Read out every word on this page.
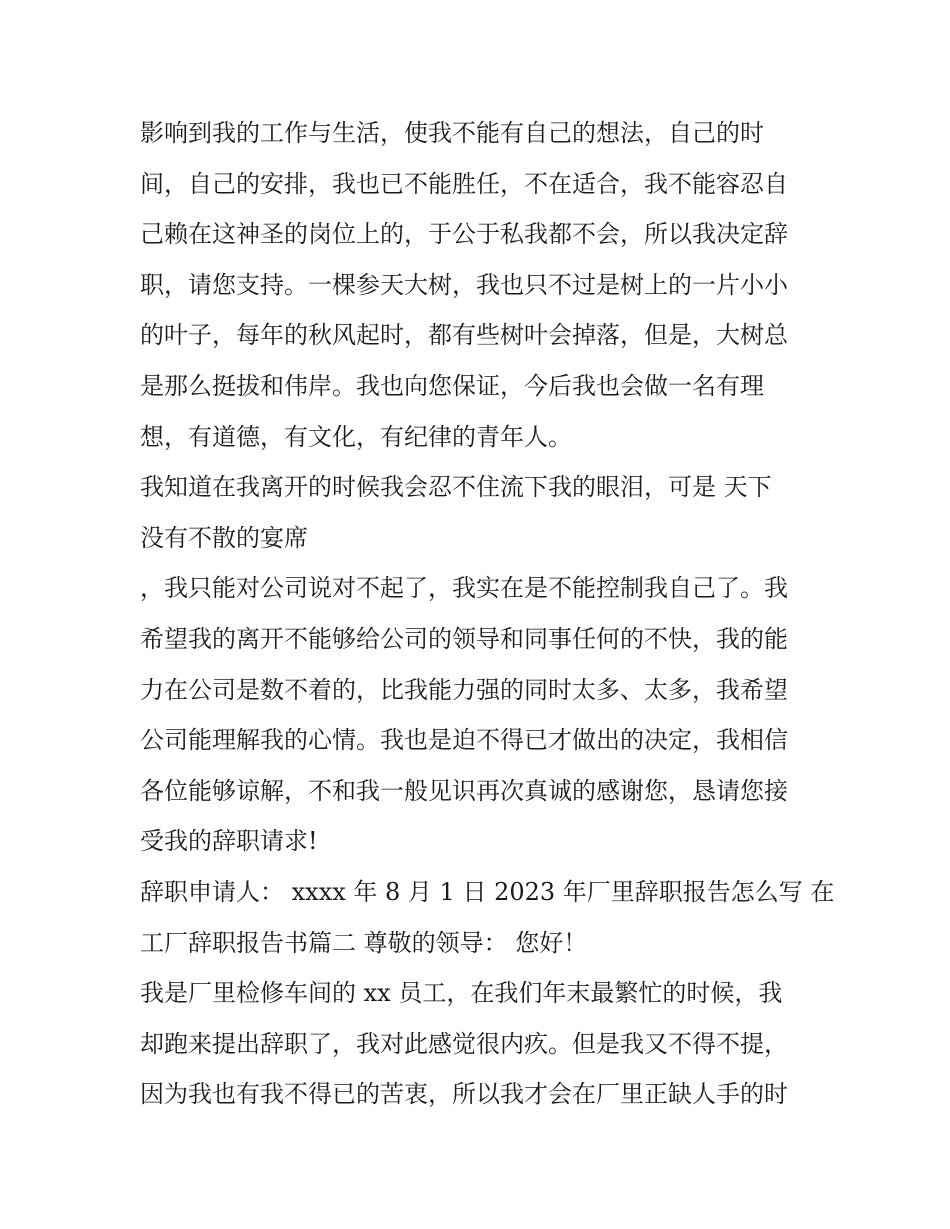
影响到我的工作与生活，使我不能有自己的想法，自己的时
间，自己的安排，我也已不能胜任，不在适合，我不能容忍自
己赖在这神圣的岗位上的，于公于私我都不会，所以我决定辞
职，请您支持。一棵参天大树，我也只不过是树上的一片小小
的叶子，每年的秋风起时，都有些树叶会掉落，但是，大树总
是那么挺拔和伟岸。我也向您保证，今后我也会做一名有理
想，有道德，有文化，有纪律的青年人。
我知道在我离开的时候我会忍不住流下我的眼泪，可是 天下
没有不散的宴席
，我只能对公司说对不起了，我实在是不能控制我自己了。我
希望我的离开不能够给公司的领导和同事任何的不快，我的能
力在公司是数不着的，比我能力强的同时太多、太多，我希望
公司能理解我的心情。我也是迫不得已才做出的决定，我相信
各位能够谅解，不和我一般见识再次真诚的感谢您，恳请您接
受我的辞职请求!
辞职申请人： xxxx 年 8 月 1 日 2023 年厂里辞职报告怎么写 在
工厂辞职报告书篇二 尊敬的领导： 您好！
我是厂里检修车间的 xx 员工，在我们年末最繁忙的时候，我
却跑来提出辞职了，我对此感觉很内疚。但是我又不得不提，
因为我也有我不得已的苦衷，所以我才会在厂里正缺人手的时
